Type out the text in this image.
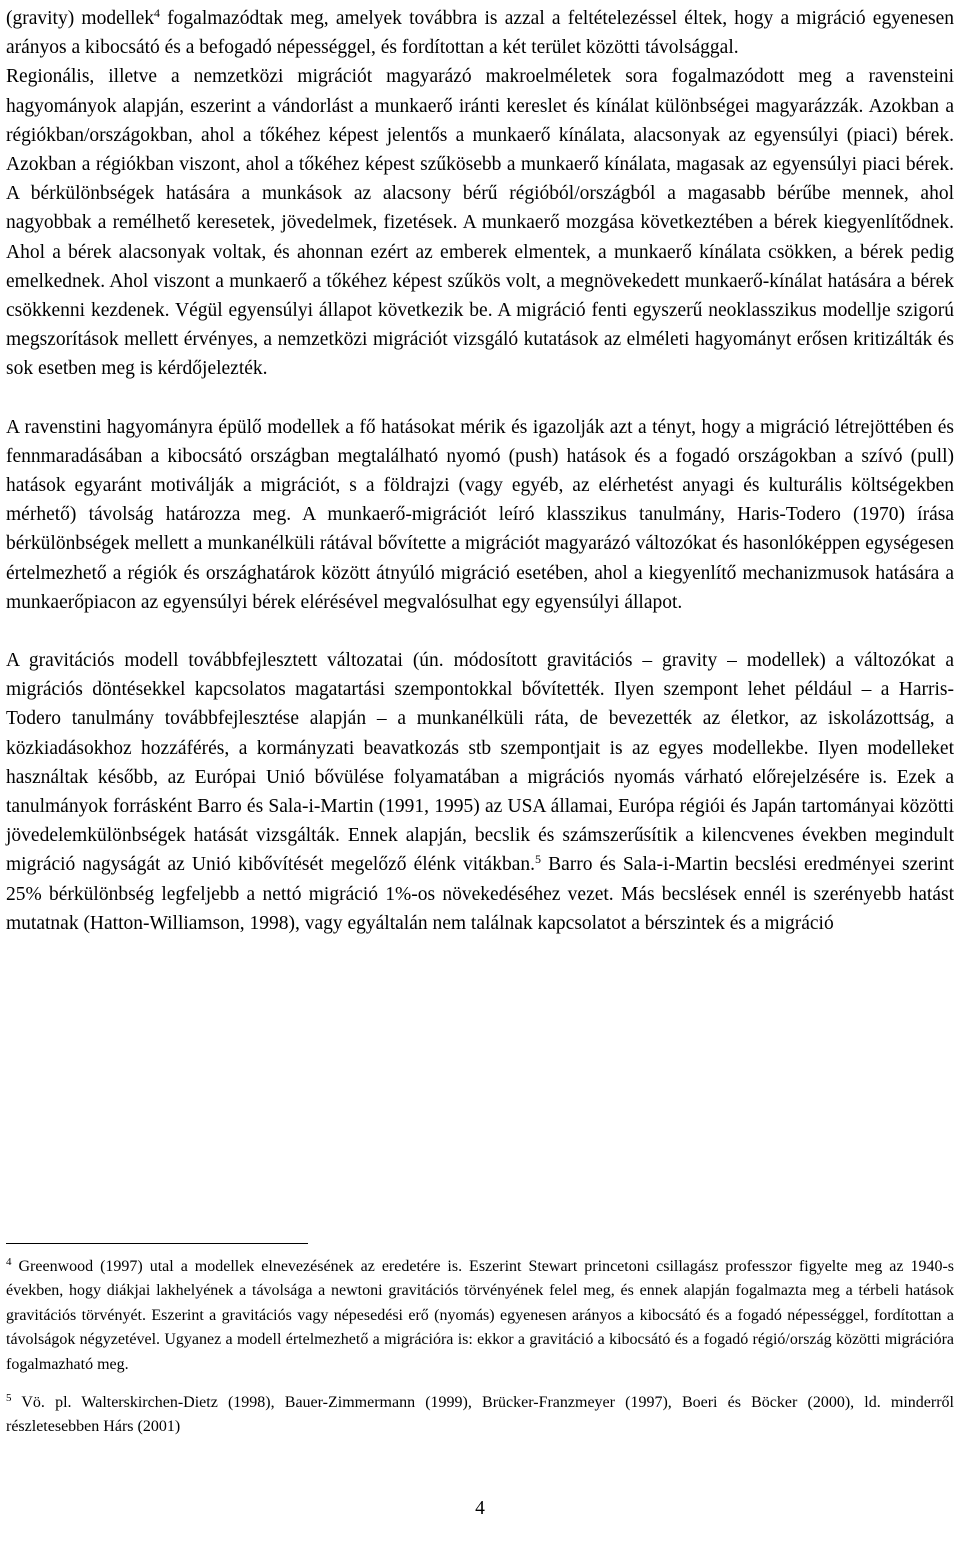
(gravity) modellek$^4$ fogalmazódtak meg, amelyek továbbra is azzal a feltételezéssel éltek, hogy a migráció egyenesen arányos a kibocsátó és a befogadó népességgel, és fordítottan a két terület közötti távolsággal.

Regionális, illetve a nemzetközi migrációt magyarázó makroelméletek sora fogalmazódott meg a ravensteini hagyományok alapján, eszerint a vándorlást a munkaerő iránti kereslet és kínálat különbségei magyarázzák. Azokban a régiókban/országokban, ahol a tőkéhez képest jelentős a munkaerő kínálata, alacsonyak az egyensúlyi (piaci) bérek. Azokban a régiókban viszont, ahol a tőkéhez képest szűkösebb a munkaerő kínálata, magasak az egyensúlyi piaci bérek. A bérkülönbségek hatására a munkások az alacsony bérű régióból/országból a magasabb bérűbe mennek, ahol nagyobbak a remélhető keresetek, jövedelmek, fizetések. A munkaerő mozgása következtében a bérek kiegyenlítődnek. Ahol a bérek alacsonyak voltak, és ahonnan ezért az emberek elmentek, a munkaerő kínálata csökken, a bérek pedig emelkednek. Ahol viszont a munkaerő a tőkéhez képest szűkös volt, a megnövekedett munkaerő-kínálat hatására a bérek csökkenni kezdenek. Végül egyensúlyi állapot következik be. A migráció fenti egyszerű neoklasszikus modellje szigorú megszorítások mellett érvényes, a nemzetközi migrációt vizsgáló kutatások az elméleti hagyományt erősen kritizálták és sok esetben meg is kérdőjelezték.

A ravenstini hagyományra épülő modellek a fő hatásokat mérik és igazolják azt a tényt, hogy a migráció létrejöttében és fennmaradásában a kibocsátó országban megtalálható nyomó (push) hatások és a fogadó országokban a szívó (pull) hatások egyaránt motiválják a migrációt, s a földrajzi (vagy egyéb, az elérhetést anyagi és kulturális költségekben mérhető) távolság határozza meg. A munkaerő-migrációt leíró klasszikus tanulmány, Haris-Todero (1970) írása bérkülönbségek mellett a munkanélküli rátával bővítette a migrációt magyarázó változókat és hasonlóképpen egységesen értelmezhető a régiók és országhatárok között átnyúló migráció esetében, ahol a kiegyenlítő mechanizmusok hatására a munkaerőpiacon az egyensúlyi bérek elérésével megvalósulhat egy egyensúlyi állapot.

A gravitációs modell továbbfejlesztett változatai (ún. módosított gravitációs – gravity – modellek) a változókat a migrációs döntésekkel kapcsolatos magatartási szempontokkal bővítették. Ilyen szempont lehet például – a Harris-Todero tanulmány továbbfejlesztése alapján – a munkanélküli ráta, de bevezették az életkor, az iskolázottság, a közkiadásokhoz hozzáférés, a kormányzati beavatkozás stb szempontjait is az egyes modellekbe. Ilyen modelleket használtak később, az Európai Unió bővülése folyamatában a migrációs nyomás várható előrejelzésére is. Ezek a tanulmányok forrásként Barro és Sala-i-Martin (1991, 1995) az USA államai, Európa régiói és Japán tartományai közötti jövedelemkülönbségek hatását vizsgálták. Ennek alapján, becslik és számszerűsítik a kilencvenes években megindult migráció nagyságát az Unió kibővítését megelőző élénk vitákban.$^5$ Barro és Sala-i-Martin becslési eredményei szerint 25% bérkülönbség legfeljebb a nettó migráció 1%-os növekedéséhez vezet. Más becslések ennél is szerényebb hatást mutatnak (Hatton-Williamson, 1998), vagy egyáltalán nem találnak kapcsolatot a bérszintek és a migráció

$^4$ Greenwood (1997) utal a modellek elnevezésének az eredetére is. Eszerint Stewart princetoni csillagász professzor figyelte meg az 1940-s években, hogy diákjai lakhelyének a távolsága a newtoni gravitációs törvényének felel meg, és ennek alapján fogalmazta meg a térbeli hatások gravitációs törvényét. Eszerint a gravitációs vagy népesedési erő (nyomás) egyenesen arányos a kibocsátó és a fogadó népességgel, fordítottan a távolságok négyzetével. Ugyanez a modell értelmezhető a migrációra is: ekkor a gravitáció a kibocsátó és a fogadó régió/ország közötti migrációra fogalmazható meg.

$^5$ Vö. pl. Walterskirchen-Dietz (1998), Bauer-Zimmermann (1999), Brücker-Franzmeyer (1997), Boeri és Böcker (2000), ld. minderről részletesebben Hárs (2001)

4
